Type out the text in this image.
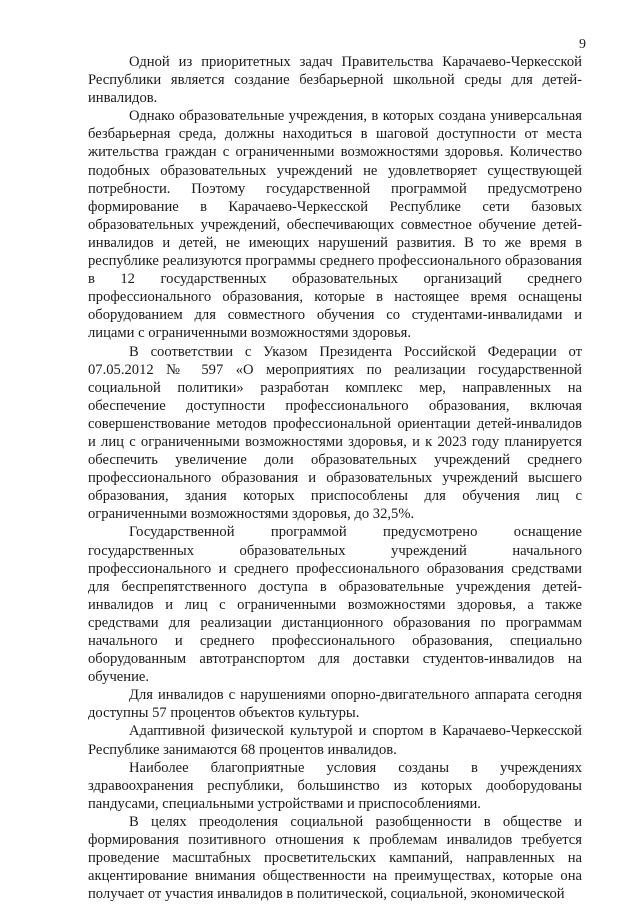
9

Одной из приоритетных задач Правительства Карачаево-Черкесской Республики является создание безбарьерной школьной среды для детей-инвалидов.

Однако образовательные учреждения, в которых создана универсальная безбарьерная среда, должны находиться в шаговой доступности от места жительства граждан с ограниченными возможностями здоровья. Количество подобных образовательных учреждений не удовлетворяет существующей потребности. Поэтому государственной программой предусмотрено формирование в Карачаево-Черкесской Республике сети базовых образовательных учреждений, обеспечивающих совместное обучение детей-инвалидов и детей, не имеющих нарушений развития. В то же время в республике реализуются программы среднего профессионального образования в 12 государственных образовательных организаций среднего профессионального образования, которые в настоящее время оснащены оборудованием для совместного обучения со студентами-инвалидами и лицами с ограниченными возможностями здоровья.

В соответствии с Указом Президента Российской Федерации от 07.05.2012 № 597 «О мероприятиях по реализации государственной социальной политики» разработан комплекс мер, направленных на обеспечение доступности профессионального образования, включая совершенствование методов профессиональной ориентации детей-инвалидов и лиц с ограниченными возможностями здоровья, и к 2023 году планируется обеспечить увеличение доли образовательных учреждений среднего профессионального образования и образовательных учреждений высшего образования, здания которых приспособлены для обучения лиц с ограниченными возможностями здоровья, до 32,5%.

Государственной программой предусмотрено оснащение государственных образовательных учреждений начального профессионального и среднего профессионального образования средствами для беспрепятственного доступа в образовательные учреждения детей-инвалидов и лиц с ограниченными возможностями здоровья, а также средствами для реализации дистанционного образования по программам начального и среднего профессионального образования, специально оборудованным автотранспортом для доставки студентов-инвалидов на обучение.

Для инвалидов с нарушениями опорно-двигательного аппарата сегодня доступны 57 процентов объектов культуры.

Адаптивной физической культурой и спортом в Карачаево-Черкесской Республике занимаются 68 процентов инвалидов.

Наиболее благоприятные условия созданы в учреждениях здравоохранения республики, большинство из которых дооборудованы пандусами, специальными устройствами и приспособлениями.

В целях преодоления социальной разобщенности в обществе и формирования позитивного отношения к проблемам инвалидов требуется проведение масштабных просветительских кампаний, направленных на акцентирование внимания общественности на преимуществах, которые она получает от участия инвалидов в политической, социальной, экономической
